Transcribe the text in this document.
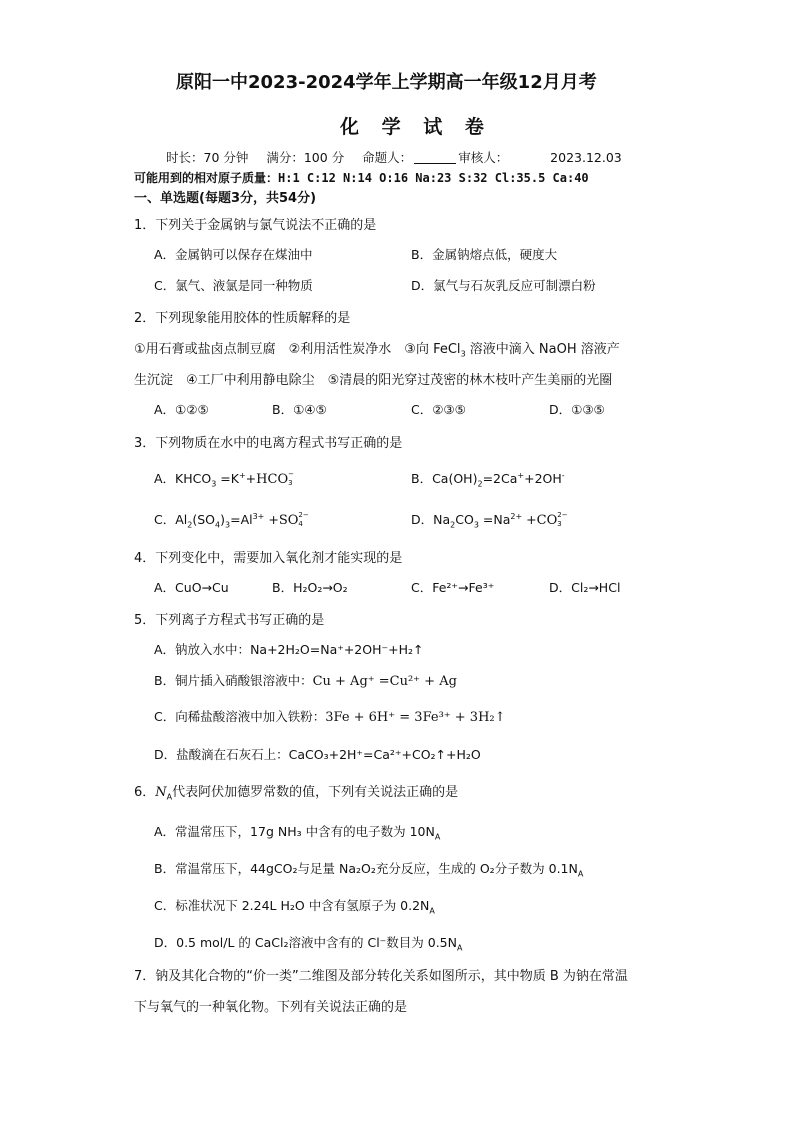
原阳一中2023-2024学年上学期高一年级12月月考
化 学 试 卷
时长：70 分钟 满分：100 分 命题人：	审核人：	2023.12.03
可能用到的相对原子质量：H:1 C:12 N:14 O:16 Na:23 S:32 Cl:35.5 Ca:40
一、单选题(每题3分，共54分)
1．下列关于金属钠与氯气说法不正确的是
A．金属钠可以保存在煤油中	B．金属钠熔点低，硬度大
C．氯气、液氯是同一种物质	D．氯气与石灰乳反应可制漂白粉
2．下列现象能用胶体的性质解释的是
①用石膏或盐卤点制豆腐　②利用活性炭净水　③向 FeCl$_3$ 溶液中滴入 NaOH 溶液产
生沉淀　④工厂中利用静电除尘　⑤清晨的阳光穿过茂密的林木枝叶产生美丽的光圈
A．①②⑤	B．①④⑤	C．②③⑤	D．①③⑤
3．下列物质在水中的电离方程式书写正确的是
A．$KHCO_3 =K^++HCO$ −
3	B．$Ca(OH)_2=2Ca^++2OH^-$
C．$Al_2(SO_4)_3=Al^{3+} +SO$ 2−
4	D．$Na_2CO_3 =Na^{2+} +CO$ 2−
3
4．下列变化中，需要加入氧化剂才能实现的是
A．CuO→Cu	B．H₂O₂→O₂	C．Fe²⁺→Fe³⁺	D．Cl₂→HCl
5．下列离子方程式书写正确的是
A．钠放入水中：Na+2H₂O=Na⁺+2OH⁻+H₂↑
B．铜片插入硝酸银溶液中：Cu + Ag⁺ =Cu²⁺ + Ag
C．向稀盐酸溶液中加入铁粉：3Fe + 6H⁺ = 3Fe³⁺ + 3H₂↑
D．盐酸滴在石灰石上：CaCO₃+2H⁺=Ca²⁺+CO₂↑+H₂O
6．$N_A$代表阿伏加德罗常数的值，下列有关说法正确的是
A．常温常压下，17g NH₃ 中含有的电子数为 $10N_A$
B．常温常压下，44gCO₂与足量 Na₂O₂充分反应，生成的 O₂分子数为 $0.1N_A$
C．标准状况下 2.24L H₂O 中含有氢原子为 $0.2N_A$
D．0.5 mol/L 的 CaCl₂溶液中含有的 Cl⁻数目为 $0.5N_A$
7．钠及其化合物的“价一类”二维图及部分转化关系如图所示，其中物质 B 为钠在常温
下与氧气的一种氧化物。下列有关说法正确的是
